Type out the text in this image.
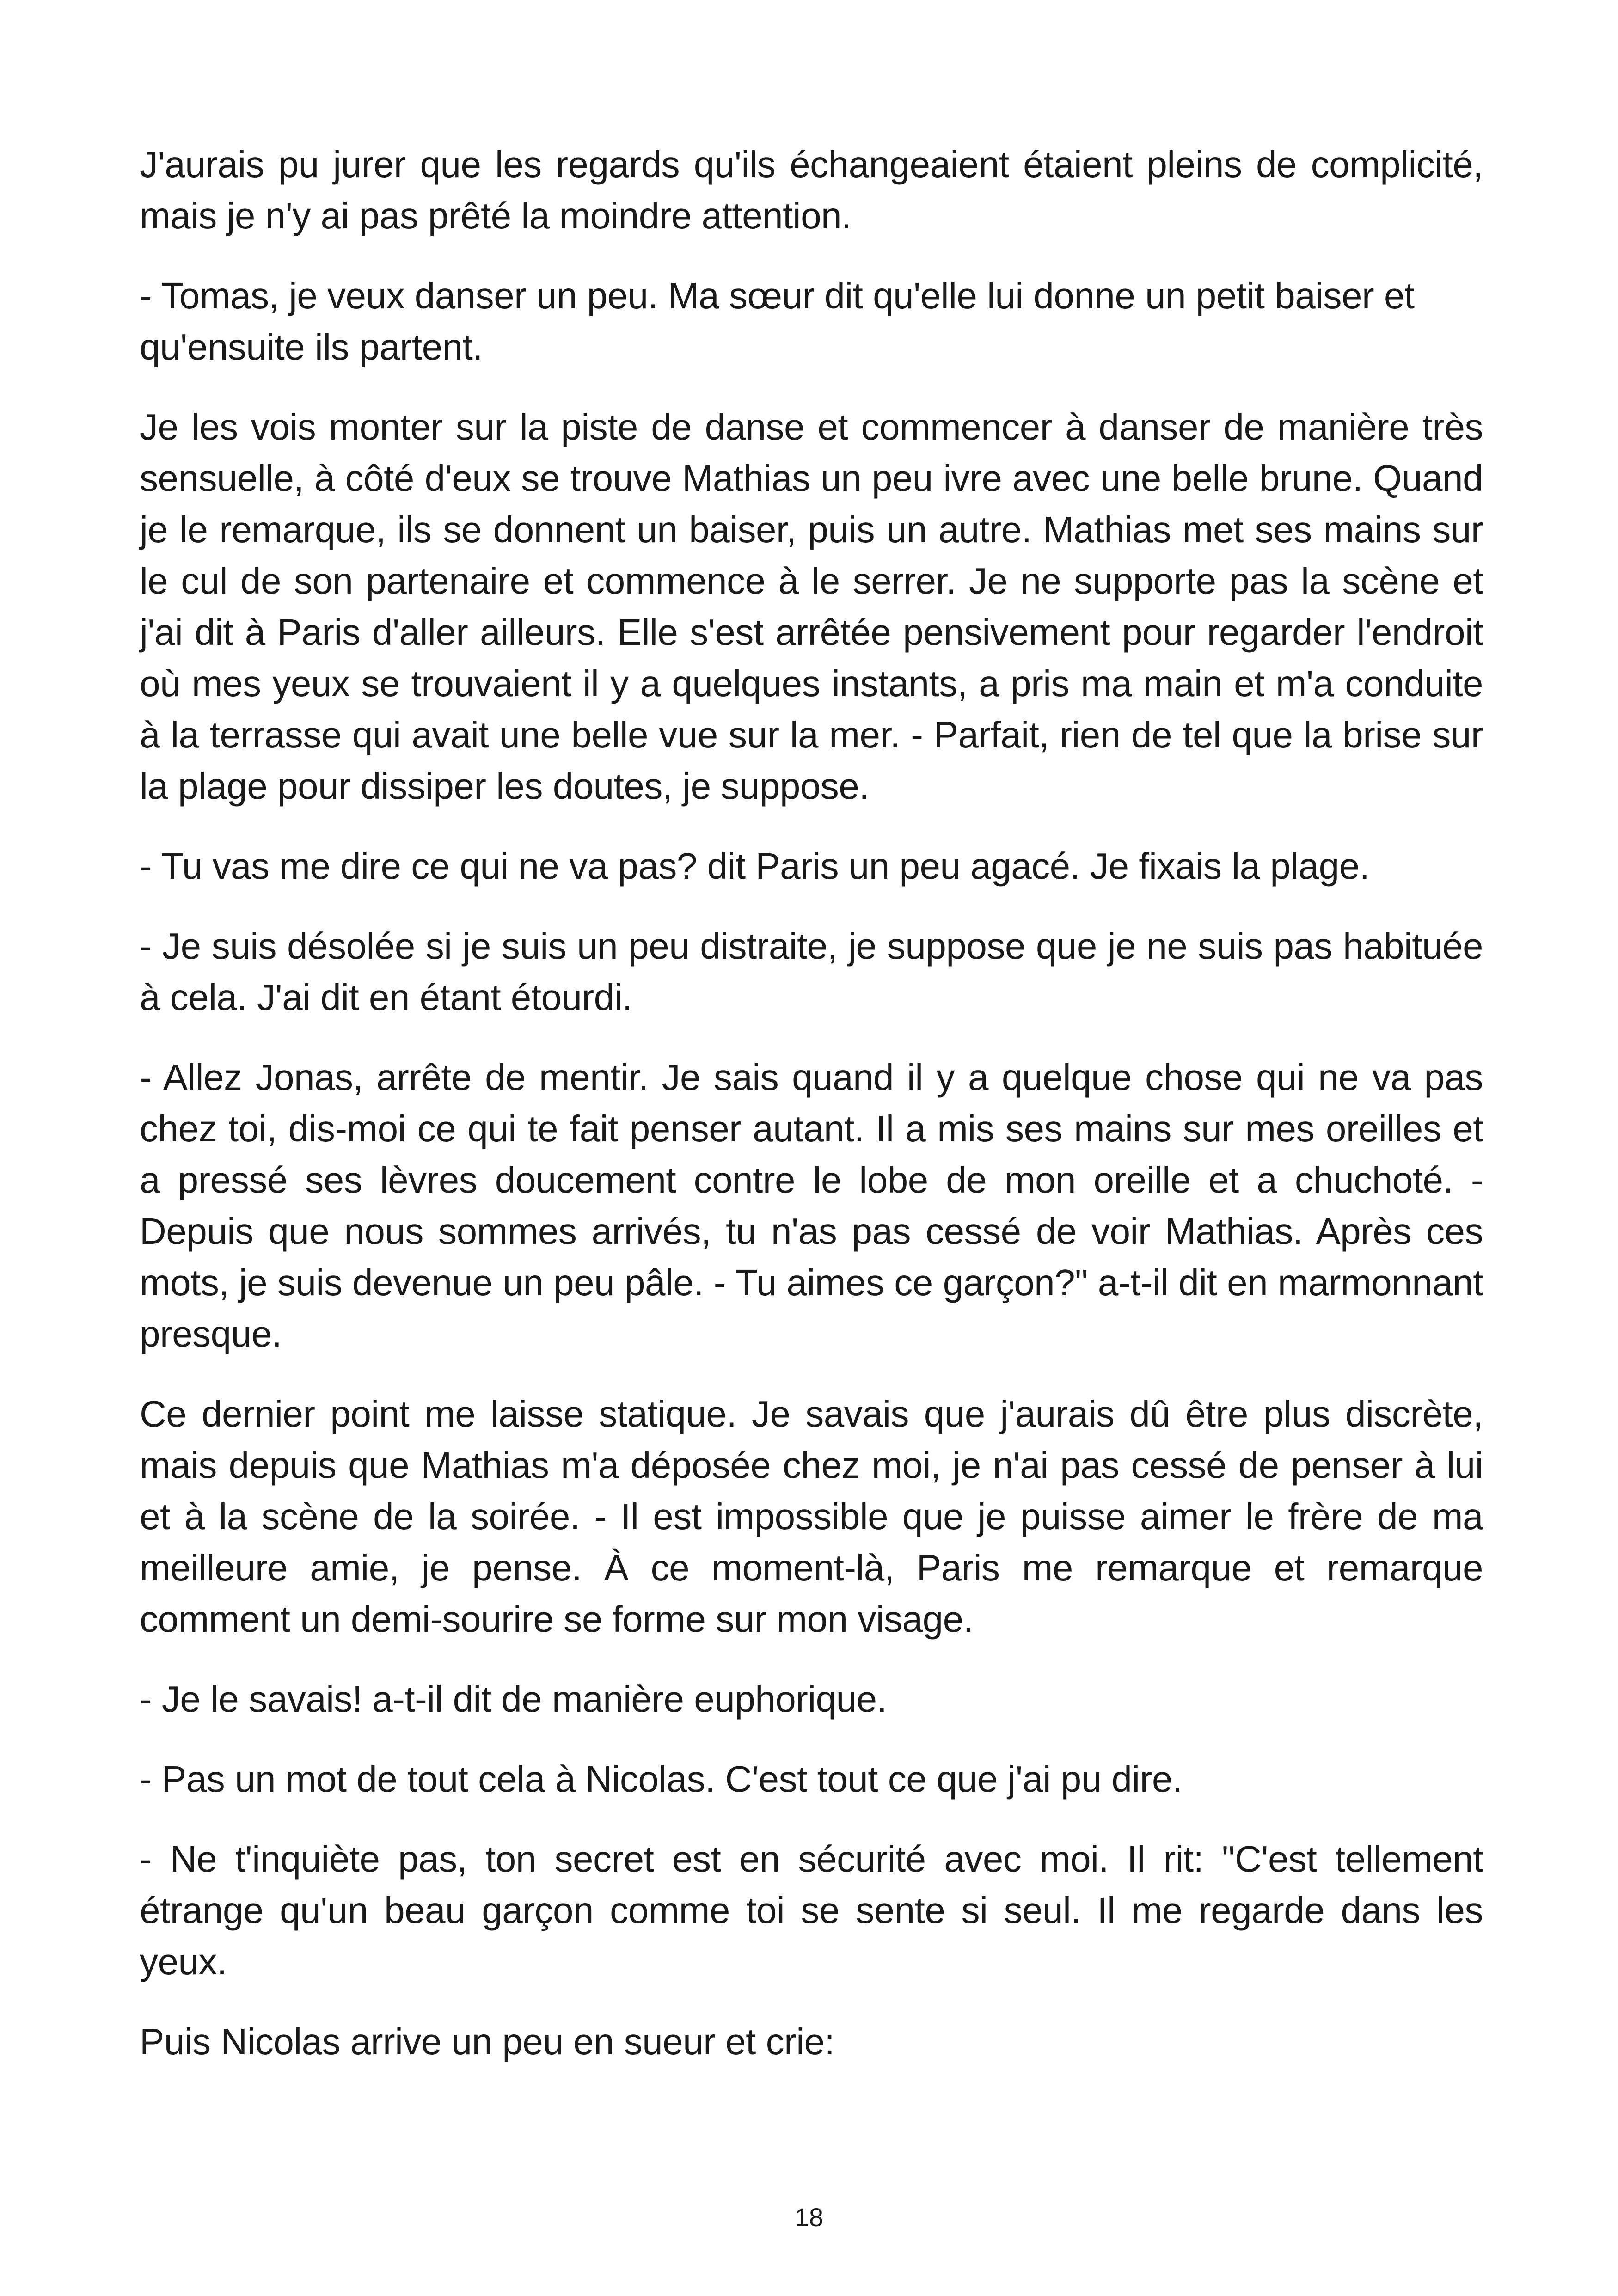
J'aurais pu jurer que les regards qu'ils échangeaient étaient pleins de complicité, mais je n'y ai pas prêté la moindre attention.

- Tomas, je veux danser un peu. Ma sœur dit qu'elle lui donne un petit baiser et qu'ensuite ils partent.

Je les vois monter sur la piste de danse et commencer à danser de manière très sensuelle, à côté d'eux se trouve Mathias un peu ivre avec une belle brune. Quand je le remarque, ils se donnent un baiser, puis un autre. Mathias met ses mains sur le cul de son partenaire et commence à le serrer. Je ne supporte pas la scène et j'ai dit à Paris d'aller ailleurs. Elle s'est arrêtée pensivement pour regarder l'endroit où mes yeux se trouvaient il y a quelques instants, a pris ma main et m'a conduite à la terrasse qui avait une belle vue sur la mer. - Parfait, rien de tel que la brise sur la plage pour dissiper les doutes, je suppose.

- Tu vas me dire ce qui ne va pas? dit Paris un peu agacé. Je fixais la plage.

- Je suis désolée si je suis un peu distraite, je suppose que je ne suis pas habituée à cela. J'ai dit en étant étourdi.

- Allez Jonas, arrête de mentir. Je sais quand il y a quelque chose qui ne va pas chez toi, dis-moi ce qui te fait penser autant. Il a mis ses mains sur mes oreilles et a pressé ses lèvres doucement contre le lobe de mon oreille et a chuchoté. - Depuis que nous sommes arrivés, tu n'as pas cessé de voir Mathias. Après ces mots, je suis devenue un peu pâle. - Tu aimes ce garçon?" a-t-il dit en marmonnant presque.

Ce dernier point me laisse statique. Je savais que j'aurais dû être plus discrète, mais depuis que Mathias m'a déposée chez moi, je n'ai pas cessé de penser à lui et à la scène de la soirée. - Il est impossible que je puisse aimer le frère de ma meilleure amie, je pense. À ce moment-là, Paris me remarque et remarque comment un demi-sourire se forme sur mon visage.

- Je le savais! a-t-il dit de manière euphorique.

- Pas un mot de tout cela à Nicolas. C'est tout ce que j'ai pu dire.

- Ne t'inquiète pas, ton secret est en sécurité avec moi. Il rit: "C'est tellement étrange qu'un beau garçon comme toi se sente si seul. Il me regarde dans les yeux.

Puis Nicolas arrive un peu en sueur et crie:

18
